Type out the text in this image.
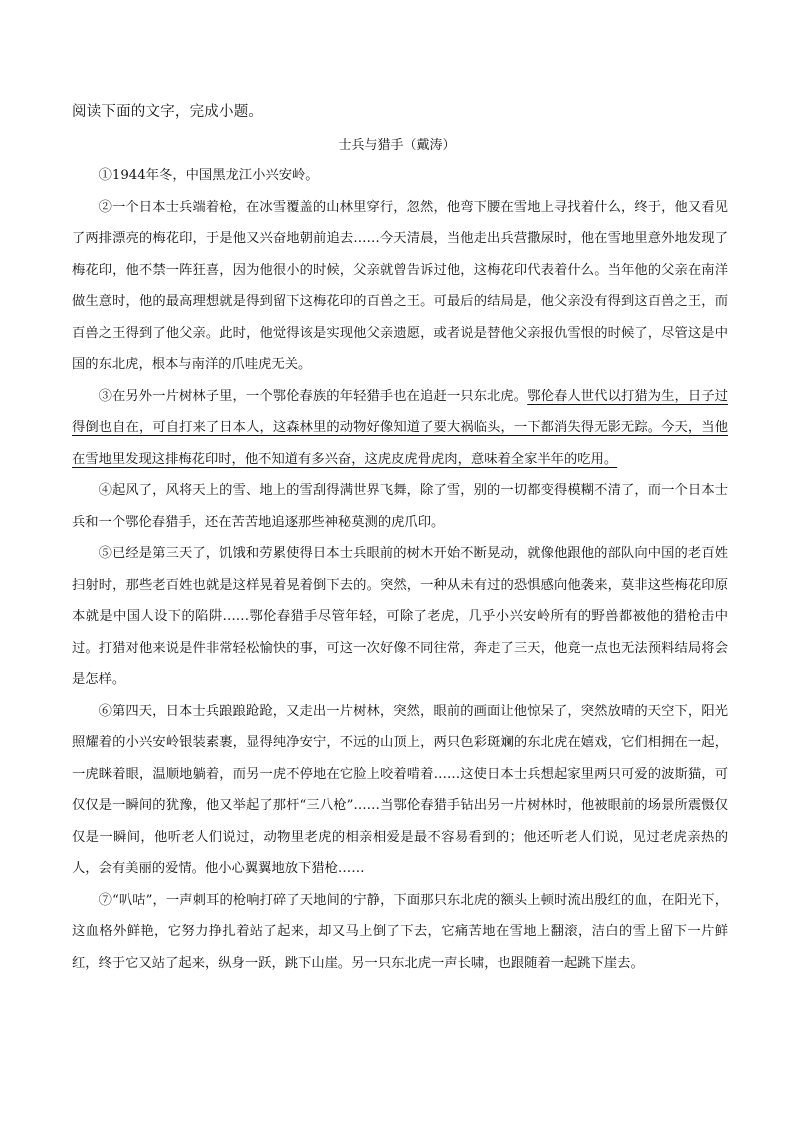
阅读下面的文字，完成小题。
士兵与猎手（戴涛）

①1944年冬，中国黑龙江小兴安岭。

②一个日本士兵端着枪，在冰雪覆盖的山林里穿行，忽然，他弯下腰在雪地上寻找着什么，终于，他又看见了两排漂亮的梅花印，于是他又兴奋地朝前追去……今天清晨，当他走出兵营撒尿时，他在雪地里意外地发现了梅花印，他不禁一阵狂喜，因为他很小的时候，父亲就曾告诉过他，这梅花印代表着什么。当年他的父亲在南洋做生意时，他的最高理想就是得到留下这梅花印的百兽之王。可最后的结局是，他父亲没有得到这百兽之王，而百兽之王得到了他父亲。此时，他觉得该是实现他父亲遗愿，或者说是替他父亲报仇雪恨的时候了，尽管这是中国的东北虎，根本与南洋的爪哇虎无关。

③在另外一片树林子里，一个鄂伦春族的年轻猎手也在追赶一只东北虎。鄂伦春人世代以打猎为生，日子过得倒也自在，可自打来了日本人，这森林里的动物好像知道了要大祸临头，一下都消失得无影无踪。今天，当他在雪地里发现这排梅花印时，他不知道有多兴奋，这虎皮虎骨虎肉，意味着全家半年的吃用。

④起风了，风将天上的雪、地上的雪刮得满世界飞舞，除了雪，别的一切都变得模糊不清了，而一个日本士兵和一个鄂伦春猎手，还在苦苦地追逐那些神秘莫测的虎爪印。

⑤已经是第三天了，饥饿和劳累使得日本士兵眼前的树木开始不断晃动，就像他跟他的部队向中国的老百姓扫射时，那些老百姓也就是这样晃着晃着倒下去的。突然，一种从未有过的恐惧感向他袭来，莫非这些梅花印原本就是中国人设下的陷阱……鄂伦春猎手尽管年轻，可除了老虎，几乎小兴安岭所有的野兽都被他的猎枪击中过。打猎对他来说是件非常轻松愉快的事，可这一次好像不同往常，奔走了三天，他竟一点也无法预料结局将会是怎样。

⑥第四天，日本士兵踉踉跄跄，又走出一片树林，突然，眼前的画面让他惊呆了，突然放晴的天空下，阳光照耀着的小兴安岭银装素裹，显得纯净安宁，不远的山顶上，两只色彩斑斓的东北虎在嬉戏，它们相拥在一起，一虎眯着眼，温顺地躺着，而另一虎不停地在它脸上咬着啃着……这使日本士兵想起家里两只可爱的波斯猫，可仅仅是一瞬间的犹豫，他又举起了那杆“三八枪”……当鄂伦春猎手钻出另一片树林时，他被眼前的场景所震慑仅仅是一瞬间，他听老人们说过，动物里老虎的相亲相爱是最不容易看到的；他还听老人们说，见过老虎亲热的人，会有美丽的爱情。他小心翼翼地放下猎枪……

⑦“叭咕”，一声刺耳的枪响打碎了天地间的宁静，下面那只东北虎的额头上顿时流出殷红的血，在阳光下，这血格外鲜艳，它努力挣扎着站了起来，却又马上倒了下去，它痛苦地在雪地上翻滚，洁白的雪上留下一片鲜红，终于它又站了起来，纵身一跃，跳下山崖。另一只东北虎一声长啸，也跟随着一起跳下崖去。
